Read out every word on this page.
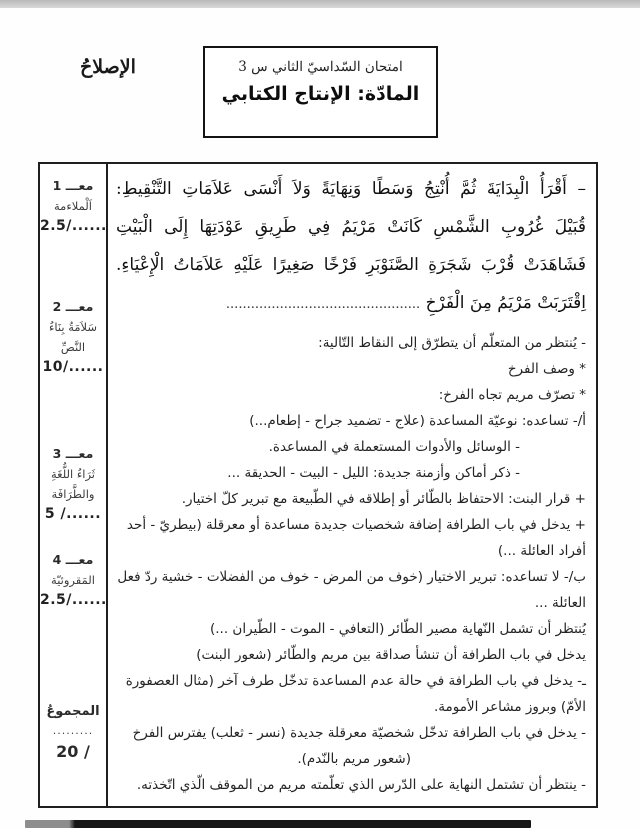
الإصلاحُ	امتحان السّداسيّ الثاني س 3
المادّة: الإنتاج الكتابي
معـــ 1
اَلْملاءمة
2.5/......
معـــ 2
سَلاَمَةُ بِنَاءُ النَّصِّ
10/......
معـــ 3
ثَرَاءُ اللُّغَةِ والطَّرَافَة
5 /......
معـــ 4
المَقروئيّة
2.5/......
المجموعُ
.........
20 /
– أَقْرَأُ الْبِدَايَةَ ثُمَّ أُنْتِجُ وَسَطًا وَنِهَايَةً وَلاَ أَنْسَى عَلاَمَاتِ التَّنْقِيطِ:
قُبَيْلَ غُرُوبِ الشَّمْسِ كَانَتْ مَرْيَمُ فِي طَرِيقِ عَوْدَتِهَا إِلَى الْبَيْتِ
فَشَاهَدَتْ قُرْبَ شَجَرَةِ الصَّنَوْبَرِ فَرْخًا صَغِيرًا عَلَيْهِ عَلاَمَاتُ الْإِعْيَاءِ.
اِقْتَرَبَتْ مَرْيَمُ مِنَ الْفَرْخِ ...............................................
- يُنتظر من المتعلّم أن يتطرّق إلى النقاط التّالية:
* وصف الفرخ
* تصرّف مريم تجاه الفرخ:
أ/- تساعده: نوعيّة المساعدة (علاج - تضميد جراح - إطعام...)
- الوسائل والأدوات المستعملة في المساعدة.
- ذكر أماكن وأزمنة جديدة: الليل - البيت - الحديقة ...
+ قرار البنت: الاحتفاظ بالطّائر أو إطلاقه في الطّبيعة مع تبرير كلّ اختيار.
+ يدخل في باب الطرافة إضافة شخصيات جديدة مساعدة أو معرقلة (بيطريّ - أحد أفراد العائلة ...)
ب/- لا تساعده: تبرير الاختيار (خوف من المرض - خوف من الفضلات - خشية ردّ فعل العائلة ...
يُنتظر أن تشمل النّهاية مصير الطّائر (التعافي - الموت - الطّيران ...)
يدخل في باب الطرافة أن تنشأ صداقة بين مريم والطّائر (شعور البنت)
ـ- يدخل في باب الطرافة في حالة عدم المساعدة تدخّل طرف آخر (مثال العصفورة الأمّ) وبروز مشاعر الأمومة.
- يدخل في باب الطرافة تدخّل شخصيّة معرقلة جديدة (نسر - ثعلب) يفترس الفرخ
(شعور مريم بالنّدم).
- ينتظر أن تشتمل النهاية على الدّرس الذي تعلّمته مريم من الموقف الّذي اتّخذته.
